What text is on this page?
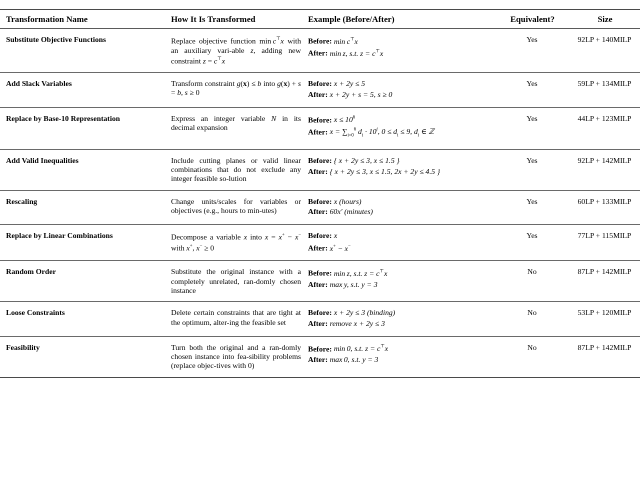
Transformation Name	How It Is Transformed	Example (Before/After)	Equivalent?	Size
Substitute Objective Functions	Replace objective function min c⊤x with an auxiliary vari-able z, adding new constraint z = c⊤x	Before: min c⊤x
After: min z, s.t. z = c⊤x	Yes	92LP + 140MILP
Add Slack Variables	Transform constraint g(x) ≤ b into g(x) + s = b, s ≥ 0	Before: x + 2y ≤ 5
After: x + 2y + s = 5, s ≥ 0	Yes	59LP + 134MILP
Replace by Base-10 Representation	Express an integer variable N in its decimal expansion	Before: $x \le 10^6$
After: $x = \sum_{i=0}^6$ $d_i \cdot 10^i$, $0 \le d_i \le 9$, $d_i$ ∈ ℤ	Yes	44LP + 123MILP
Add Valid Inequalities	Include cutting planes or valid linear combinations that do not exclude any integer feasible so-lution	Before: { x + 2y ≤ 3, x ≤ 1.5 }
After: { x + 2y ≤ 3, x ≤ 1.5, 2x + 2y ≤ 4.5 }	Yes	92LP + 142MILP
Rescaling	Change units/scales for variables or objectives (e.g., hours to min-utes)	Before: x (hours)
After: 60x′ (minutes)	Yes	60LP + 133MILP
Replace by Linear Combinations	Decompose a variable x into x = x+ − x− with x+, x− ≥ 0	Before: x
After: x+ − x−	Yes	77LP + 115MILP
Random Order	Substitute the original instance with a completely unrelated, ran-domly chosen instance	Before: min z, s.t. z = c⊤x
After: max y, s.t. y = 3	No	87LP + 142MILP
Loose Constraints	Delete certain constraints that are tight at the optimum, alter-ing the feasible set	Before: x + 2y ≤ 3 (binding)
After: remove x + 2y ≤ 3	No	53LP + 120MILP
Feasibility	Turn both the original and a ran-domly chosen instance into fea-sibility problems (replace objec-tives with 0)	Before: min 0, s.t. z = c⊤x
After: max 0, s.t. y = 3	No	87LP + 142MILP
